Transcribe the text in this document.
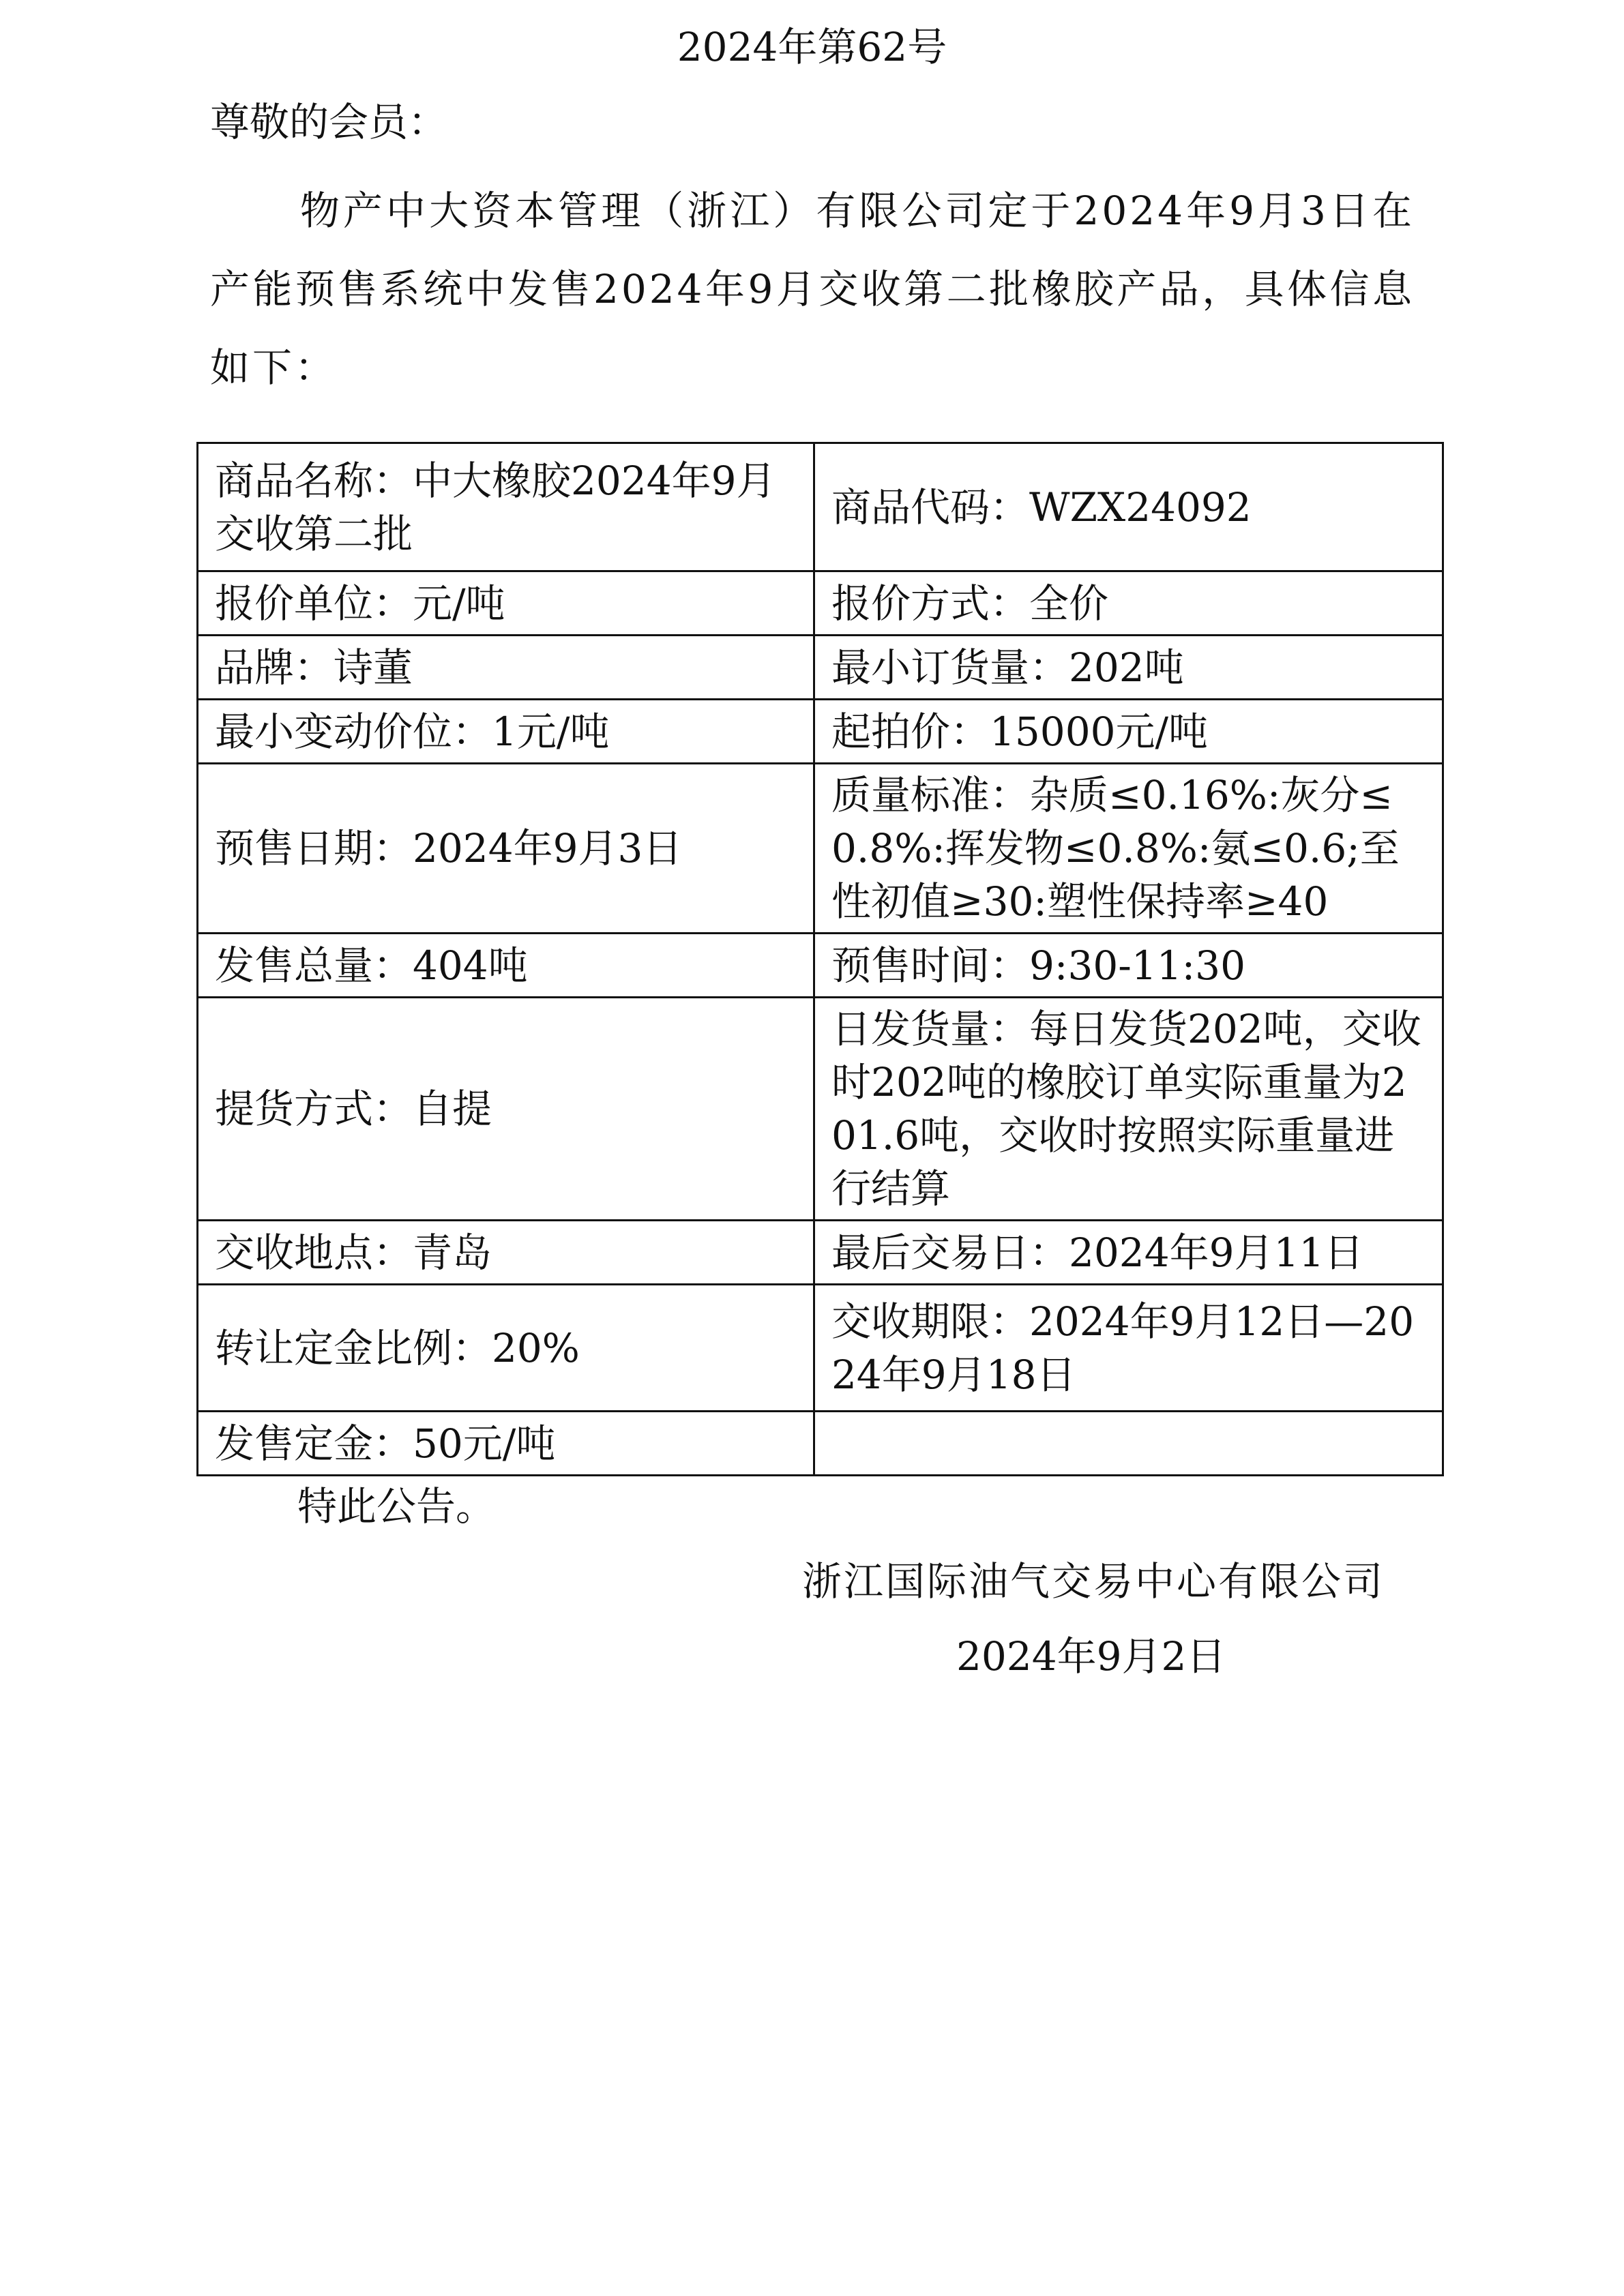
2024年第62号
尊敬的会员：

物产中大资本管理（浙江）有限公司定于2024年9月3日在产能预售系统中发售2024年9月交收第二批橡胶产品，具体信息如下：

商品名称：中大橡胶2024年9月交收第二批	商品代码：WZX24092
报价单位：元/吨	报价方式：全价
品牌：诗董	最小订货量：202吨
最小变动价位：1元/吨	起拍价：15000元/吨
预售日期：2024年9月3日	质量标准：杂质≤0.16%:灰分≤0.8%:挥发物≤0.8%:氨≤0.6;至性初值≥30:塑性保持率≥40
发售总量：404吨	预售时间：9:30-11:30
提货方式：自提	日发货量：每日发货202吨，交收时202吨的橡胶订单实际重量为201.6吨，交收时按照实际重量进行结算
交收地点：青岛	最后交易日：2024年9月11日
转让定金比例：20%	交收期限：2024年9月12日—2024年9月18日
发售定金：50元/吨	
特此公告。
浙江国际油气交易中心有限公司
2024年9月2日
